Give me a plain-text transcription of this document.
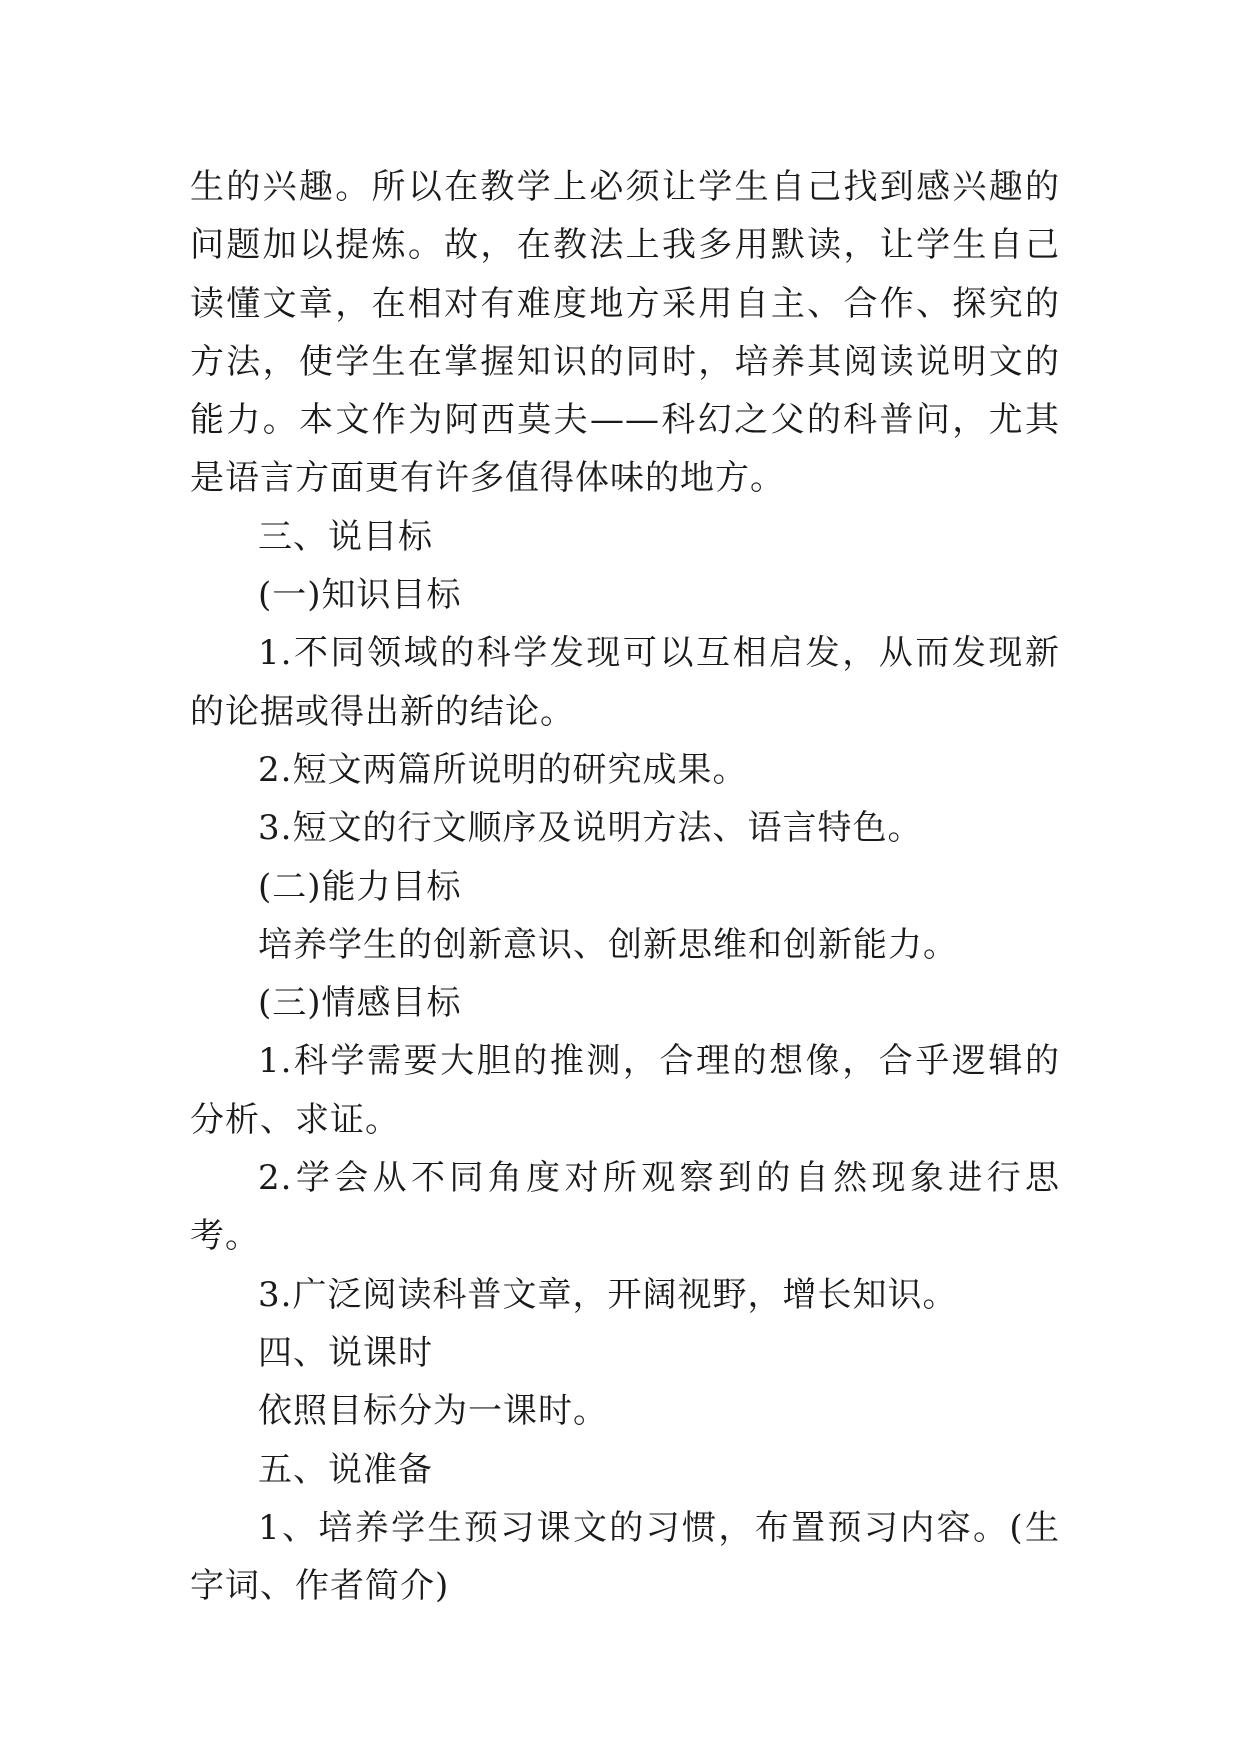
生的兴趣。所以在教学上必须让学生自己找到感兴趣的问题加以提炼。故，在教法上我多用默读，让学生自己读懂文章，在相对有难度地方采用自主、合作、探究的方法，使学生在掌握知识的同时，培养其阅读说明文的能力。本文作为阿西莫夫——科幻之父的科普问，尤其是语言方面更有许多值得体味的地方。

三、说目标

(一)知识目标

1.不同领域的科学发现可以互相启发，从而发现新的论据或得出新的结论。

2.短文两篇所说明的研究成果。

3.短文的行文顺序及说明方法、语言特色。

(二)能力目标

培养学生的创新意识、创新思维和创新能力。

(三)情感目标

1.科学需要大胆的推测，合理的想像，合乎逻辑的分析、求证。

2.学会从不同角度对所观察到的自然现象进行思考。

3.广泛阅读科普文章，开阔视野，增长知识。

四、说课时

依照目标分为一课时。

五、说准备

1、培养学生预习课文的习惯，布置预习内容。(生字词、作者简介)
